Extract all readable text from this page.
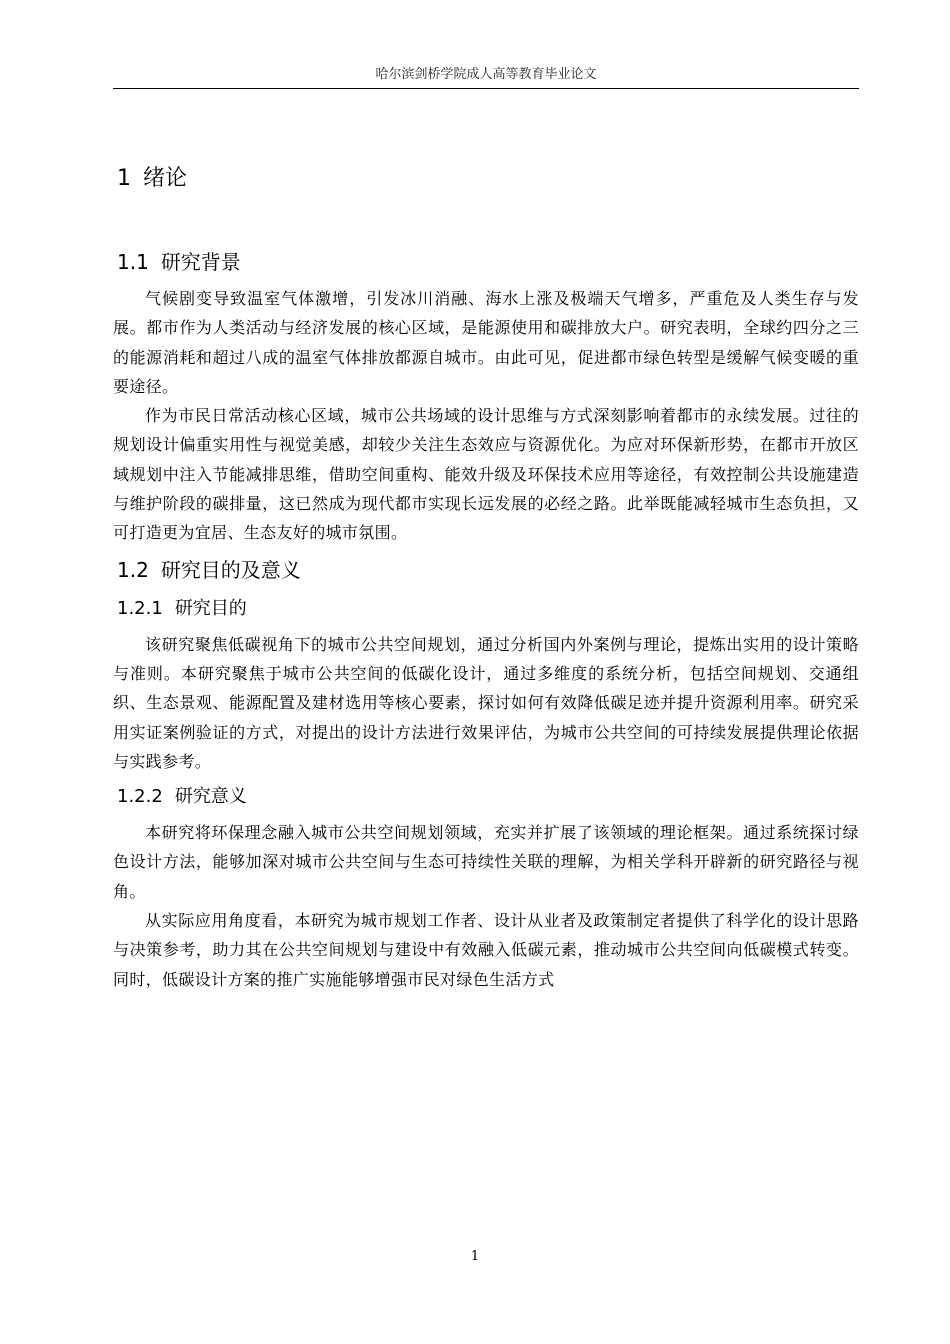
哈尔滨剑桥学院成人高等教育毕业论文
1 绪论
1.1 研究背景

气候剧变导致温室气体激增，引发冰川消融、海水上涨及极端天气增多，严重危及人类生存与发展。都市作为人类活动与经济发展的核心区域，是能源使用和碳排放大户。研究表明，全球约四分之三的能源消耗和超过八成的温室气体排放都源自城市。由此可见，促进都市绿色转型是缓解气候变暖的重要途径。

作为市民日常活动核心区域，城市公共场域的设计思维与方式深刻影响着都市的永续发展。过往的规划设计偏重实用性与视觉美感，却较少关注生态效应与资源优化。为应对环保新形势，在都市开放区域规划中注入节能减排思维，借助空间重构、能效升级及环保技术应用等途径，有效控制公共设施建造与维护阶段的碳排量，这已然成为现代都市实现长远发展的必经之路。此举既能减轻城市生态负担，又可打造更为宜居、生态友好的城市氛围。

1.2 研究目的及意义
1.2.1 研究目的

该研究聚焦低碳视角下的城市公共空间规划，通过分析国内外案例与理论，提炼出实用的设计策略与准则。本研究聚焦于城市公共空间的低碳化设计，通过多维度的系统分析，包括空间规划、交通组织、生态景观、能源配置及建材选用等核心要素，探讨如何有效降低碳足迹并提升资源利用率。研究采用实证案例验证的方式，对提出的设计方法进行效果评估，为城市公共空间的可持续发展提供理论依据与实践参考。

1.2.2 研究意义

本研究将环保理念融入城市公共空间规划领域，充实并扩展了该领域的理论框架。通过系统探讨绿色设计方法，能够加深对城市公共空间与生态可持续性关联的理解，为相关学科开辟新的研究路径与视角。

从实际应用角度看，本研究为城市规划工作者、设计从业者及政策制定者提供了科学化的设计思路与决策参考，助力其在公共空间规划与建设中有效融入低碳元素，推动城市公共空间向低碳模式转变。同时，低碳设计方案的推广实施能够增强市民对绿色生活方式

1
